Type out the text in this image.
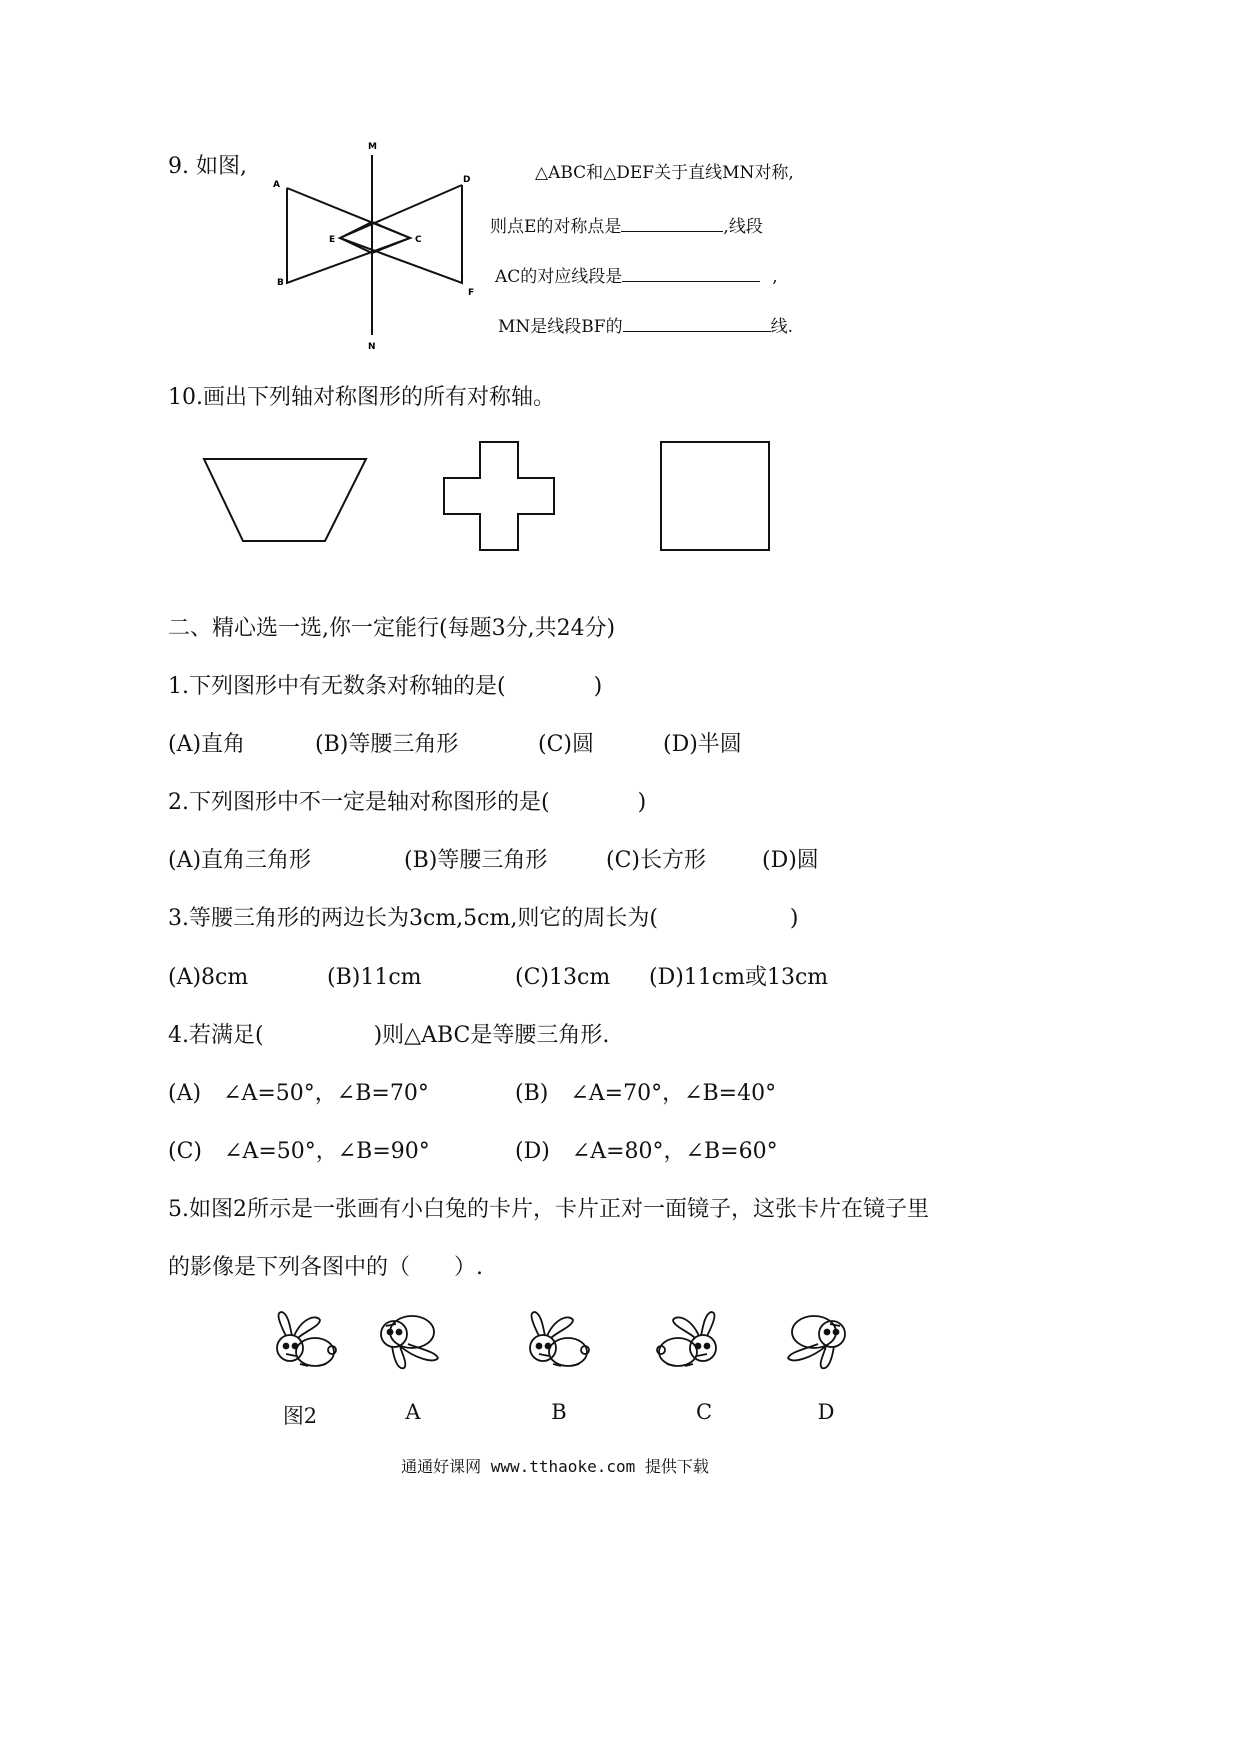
9. 如图,
M
N
A
B
C
D
E
F
△ABC和△DEF关于直线MN对称,
则点E的对称点是	,线段
AC的对应线段是	,
MN是线段BF的	线.
10.画出下列轴对称图形的所有对称轴。
二、精心选一选,你一定能行(每题3分,共24分)
1.下列图形中有无数条对称轴的是(　　　　)
(A)直角	(B)等腰三角形	(C)圆	(D)半圆
2.下列图形中不一定是轴对称图形的是(　　　　)
(A)直角三角形	(B)等腰三角形	(C)长方形	(D)圆
3.等腰三角形的两边长为3cm,5cm,则它的周长为(　　　　　　)
(A)8cm	(B)11cm	(C)13cm (D)11cm或13cm
4.若满足(　　　　　)则△ABC是等腰三角形.
(A)　∠A=50°，∠B=70°	(B)　∠A=70°，∠B=40°
(C)　∠A=50°，∠B=90°	(D)　∠A=80°，∠B=60°
5.如图2所示是一张画有小白兔的卡片，卡片正对一面镜子，这张卡片在镜子里
的影像是下列各图中的（　　）.
图2	A	B	C	D
通通好课网 www.tthaoke.com 提供下载
